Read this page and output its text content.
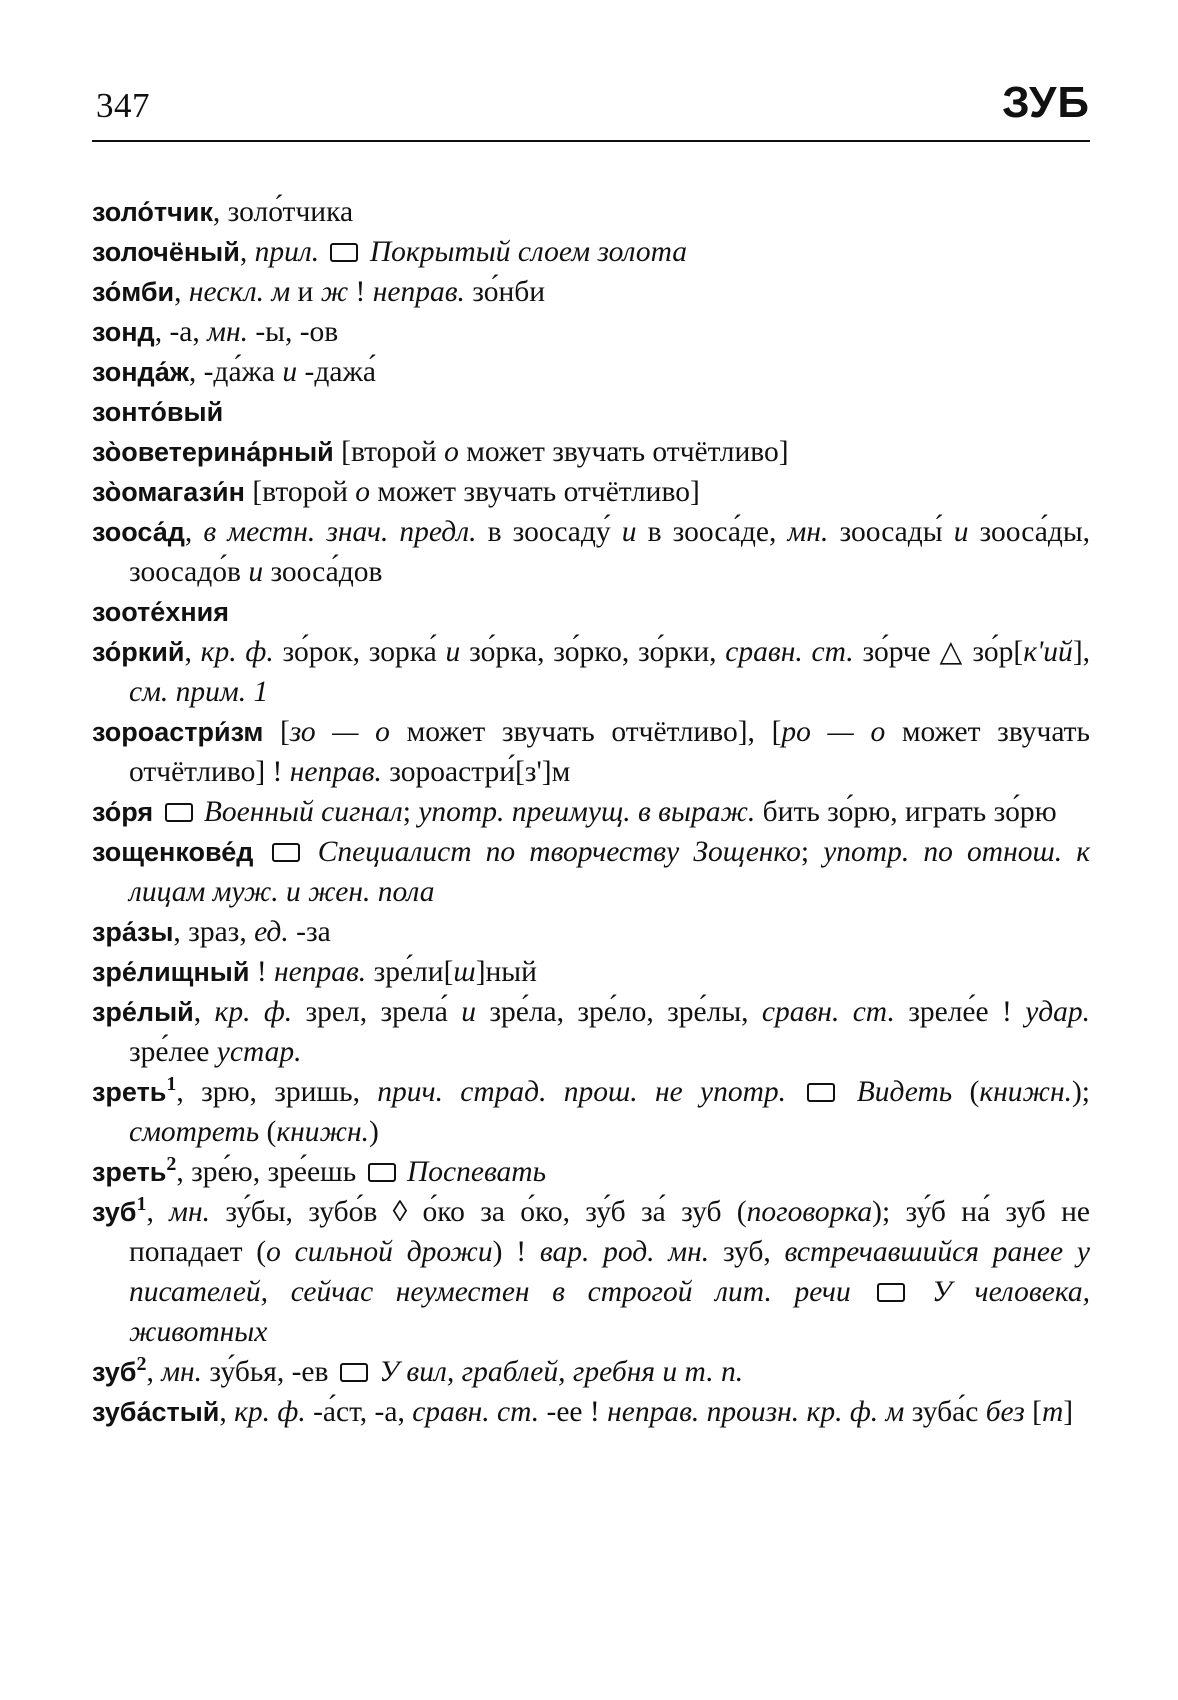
347	ЗУБ
золо́тчик, золо́тчика
золочёный, прил. Покрытый слоем золота
зо́мби, нескл. м и ж ! неправ. зо́нби
зонд, -а, мн. -ы, -ов
зонда́ж, -да́жа и -дажа́
зонто́вый
зо̀оветерина́рный [второй о может звучать отчётливо]
зо̀омагази́н [второй о может звучать отчётливо]
зооса́д, в местн. знач. предл. в зоосаду́ и в зооса́де, мн. зоосады́ и зооса́ды, зоосадо́в и зооса́дов
зооте́хния
зо́ркий, кр. ф. зо́рок, зорка́ и зо́рка, зо́рко, зо́рки, сравн. ст. зо́рче △ зо́р[к'ий], см. прим. 1
зороастри́зм [зо — о может звучать отчётливо], [ро — о может звучать отчётливо] ! неправ. зороастри́[з']м
зо́ря Военный сигнал; употр. преимущ. в выраж. бить зо́рю, играть зо́рю
зощенкове́д Специалист по творчеству Зощенко; употр. по отнош. к лицам муж. и жен. пола
зра́зы, зраз, ед. -за
зре́лищный ! неправ. зре́ли[ш]ный
зре́лый, кр. ф. зрел, зрела́ и зре́ла, зре́ло, зре́лы, сравн. ст. зреле́е ! удар. зре́лее устар.
зреть$^1$, зрю, зришь, прич. страд. прош. не употр. Видеть (книжн.); смотреть (книжн.)
зреть$^2$, зре́ю, зре́ешь Поспевать
зуб$^1$, мн. зу́бы, зубо́в ◊ о́ко за о́ко, зу́б за́ зуб (поговорка); зу́б на́ зуб не попадает (о сильной дрожи) ! вар. род. мн. зуб, встречавшийся ранее у писателей, сейчас неуместен в строгой лит. речи	У человека, животных
зуб$^2$, мн. зу́бья, -ев У вил, граблей, гребня и т. п.
зуба́стый, кр. ф. -а́ст, -а, сравн. ст. -ее ! неправ. произн. кр. ф. м зуба́с без [т]
